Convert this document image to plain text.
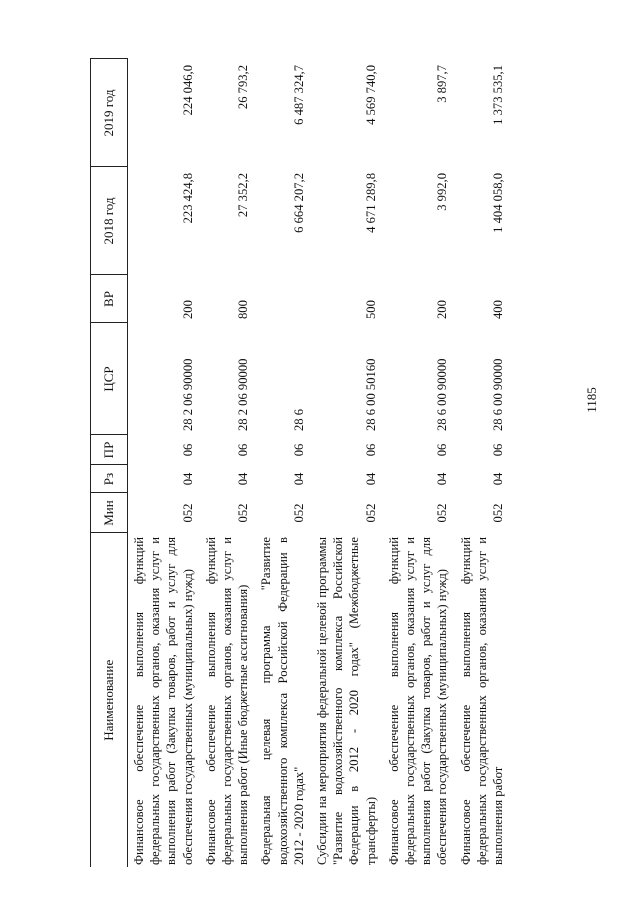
1185
Наименование	Мин	Рз	ПР	ЦСР	ВР	2018 год	2019 год
Финансовое обеспечение выполнения функций федеральных государственных органов, оказания услуг и выполнения работ (Закупка товаров, работ и услуг для обеспечения государственных (муниципальных) нужд)	052	04	06	28 2 06 90000	200	223 424,8	224 046,0
Финансовое обеспечение выполнения функций федеральных государственных органов, оказания услуг и выполнения работ (Иные бюджетные ассигнования)	052	04	06	28 2 06 90000	800	27 352,2	26 793,2
Федеральная целевая программа "Развитие водохозяйственного комплекса Российской Федерации в 2012 - 2020 годах"	052	04	06	28 6		6 664 207,2	6 487 324,7
Субсидии на мероприятия федеральной целевой программы "Развитие водохозяйственного комплекса Российской Федерации в 2012 - 2020 годах" (Межбюджетные трансферты)	052	04	06	28 6 00 50160	500	4 671 289,8	4 569 740,0
Финансовое обеспечение выполнения функций федеральных государственных органов, оказания услуг и выполнения работ (Закупка товаров, работ и услуг для обеспечения государственных (муниципальных) нужд)	052	04	06	28 6 00 90000	200	3 992,0	3 897,7
Финансовое обеспечение выполнения функций федеральных государственных органов, оказания услуг и выполнения работ	052	04	06	28 6 00 90000	400	1 404 058,0	1 373 535,1
